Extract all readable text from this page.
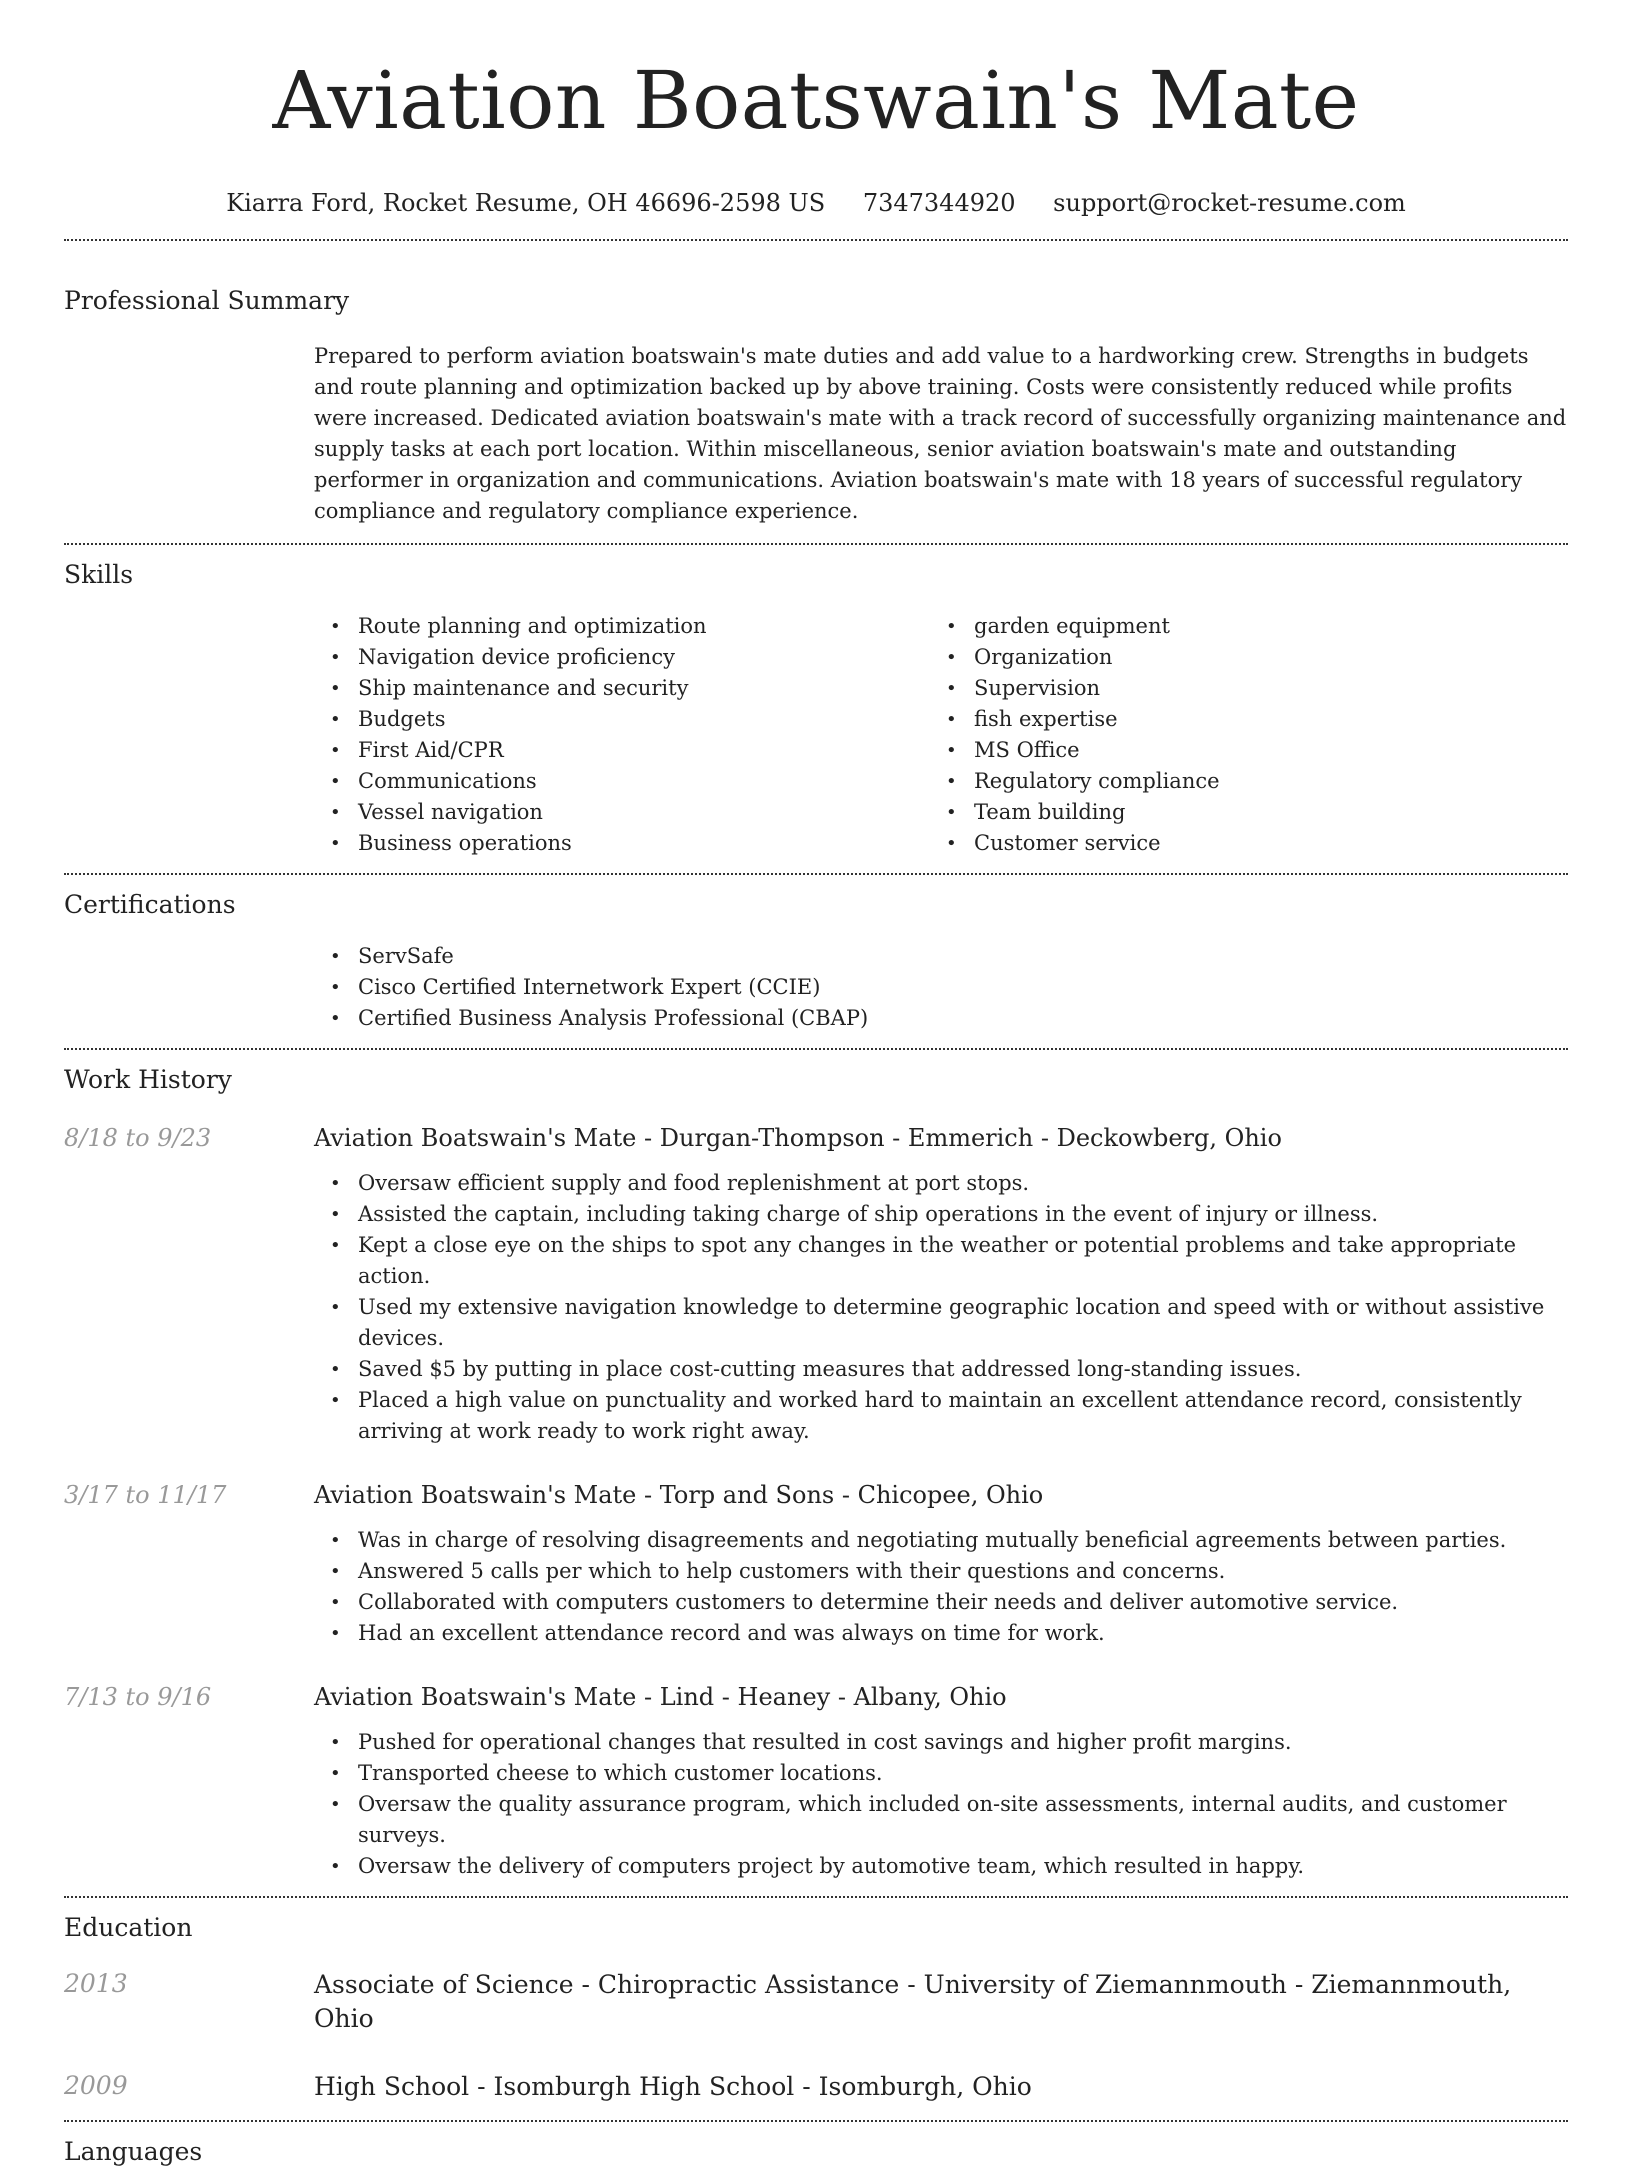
Aviation Boatswain's Mate
Kiarra Ford, Rocket Resume, OH 46696-2598 US 7347344920 support@rocket-resume.com
Professional Summary
Prepared to perform aviation boatswain's mate duties and add value to a hardworking crew. Strengths in budgets and route planning and optimization backed up by above training. Costs were consistently reduced while profits were increased. Dedicated aviation boatswain's mate with a track record of successfully organizing maintenance and supply tasks at each port location. Within miscellaneous, senior aviation boatswain's mate and outstanding performer in organization and communications. Aviation boatswain's mate with 18 years of successful regulatory compliance and regulatory compliance experience.
Skills
• Route planning and optimization
• Navigation device proficiency
• Ship maintenance and security
• Budgets
• First Aid/CPR
• Communications
• Vessel navigation
• Business operations
• garden equipment
• Organization
• Supervision
• fish expertise
• MS Office
• Regulatory compliance
• Team building
• Customer service
Certifications
• ServSafe
• Cisco Certified Internetwork Expert (CCIE)
• Certified Business Analysis Professional (CBAP)
Work History
8/18 to 9/23	Aviation Boatswain's Mate - Durgan-Thompson - Emmerich - Deckowberg, Ohio
• Oversaw efficient supply and food replenishment at port stops.
• Assisted the captain, including taking charge of ship operations in the event of injury or illness.
• Kept a close eye on the ships to spot any changes in the weather or potential problems and take appropriate action.
• Used my extensive navigation knowledge to determine geographic location and speed with or without assistive devices.
• Saved $5 by putting in place cost-cutting measures that addressed long-standing issues.
• Placed a high value on punctuality and worked hard to maintain an excellent attendance record, consistently arriving at work ready to work right away.
3/17 to 11/17	Aviation Boatswain's Mate - Torp and Sons - Chicopee, Ohio
• Was in charge of resolving disagreements and negotiating mutually beneficial agreements between parties.
• Answered 5 calls per which to help customers with their questions and concerns.
• Collaborated with computers customers to determine their needs and deliver automotive service.
• Had an excellent attendance record and was always on time for work.
7/13 to 9/16	Aviation Boatswain's Mate - Lind - Heaney - Albany, Ohio
• Pushed for operational changes that resulted in cost savings and higher profit margins.
• Transported cheese to which customer locations.
• Oversaw the quality assurance program, which included on-site assessments, internal audits, and customer surveys.
• Oversaw the delivery of computers project by automotive team, which resulted in happy.
Education
2013	Associate of Science - Chiropractic Assistance - University of Ziemannmouth - Ziemannmouth, Ohio
2009	High School - Isomburgh High School - Isomburgh, Ohio
Languages
